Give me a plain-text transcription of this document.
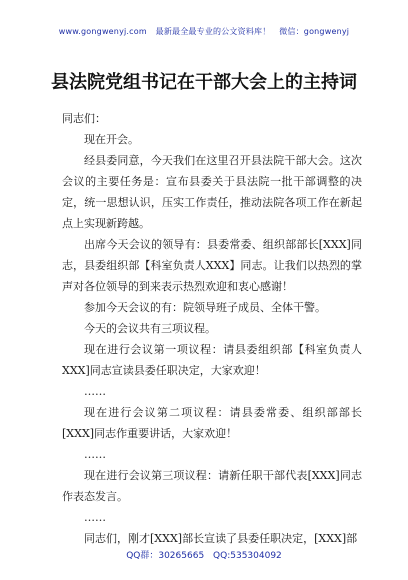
www.gongwenyj.com 最新最全最专业的公文资料库！ 微信：gongwenyj
县法院党组书记在干部大会上的主持词

同志们：

现在开会。

经县委同意，今天我们在这里召开县法院干部大会。这次会议的主要任务是：宣布县委关于县法院一批干部调整的决定，统一思想认识，压实工作责任，推动法院各项工作在新起点上实现新跨越。

出席今天会议的领导有：县委常委、组织部部长[XXX]同志，县委组织部【科室负责人XXX】同志。让我们以热烈的掌声对各位领导的到来表示热烈欢迎和衷心感谢！

参加今天会议的有：院领导班子成员、全体干警。

今天的会议共有三项议程。

现在进行会议第一项议程：请县委组织部【科室负责人XXX]同志宣读县委任职决定，大家欢迎！

……

现在进行会议第二项议程：请县委常委、组织部部长[XXX]同志作重要讲话，大家欢迎！

……

现在进行会议第三项议程：请新任职干部代表[XXX]同志作表态发言。

……

同志们，刚才[XXX]部长宣读了县委任职决定，[XXX]部

QQ群：30265665 QQ:535304092
